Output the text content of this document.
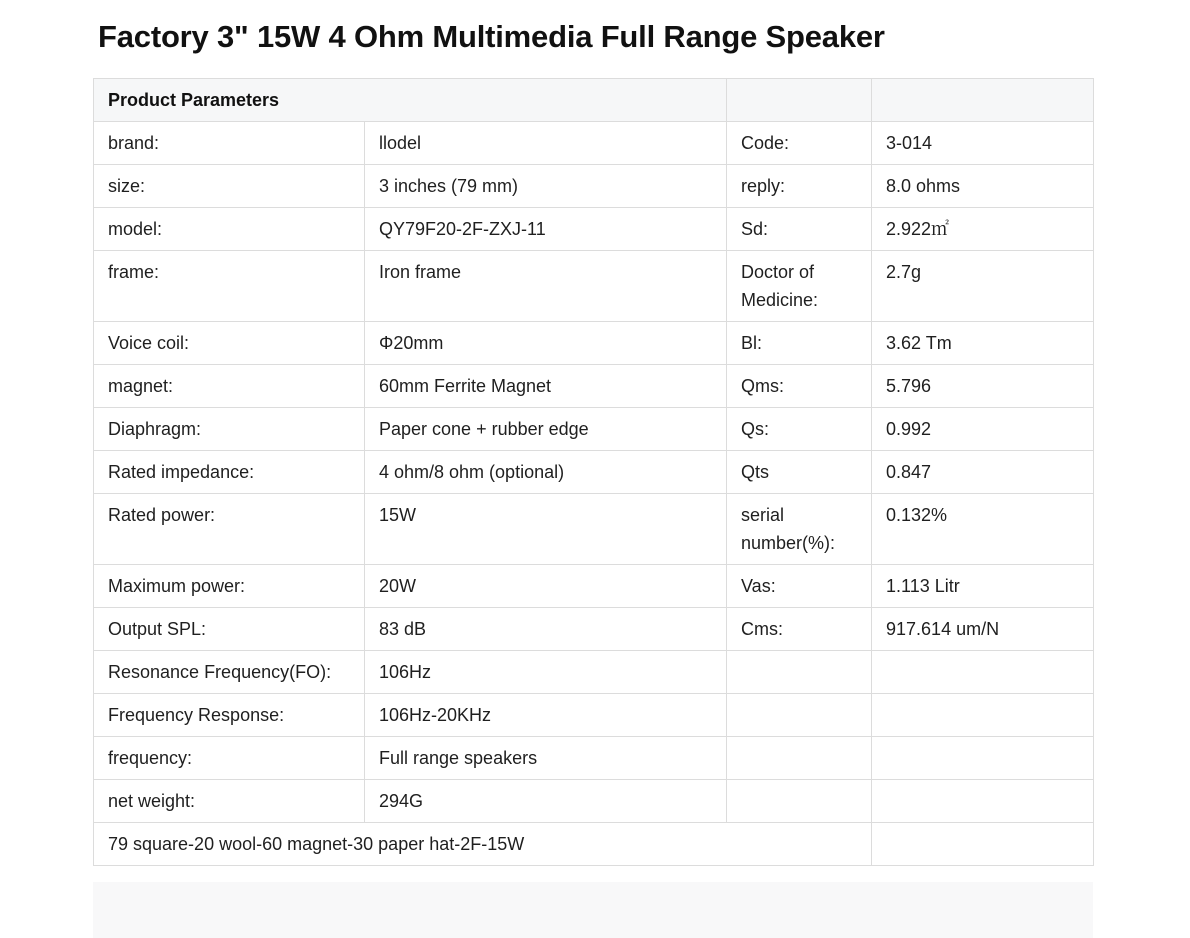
Factory 3" 15W 4 Ohm Multimedia Full Range Speaker
Product Parameters			
brand:	llodel	Code:	3-014
size:	3 inches (79 mm)	reply:	8.0 ohms
model:	QY79F20-2F-ZXJ-11	Sd:	2.922㎡
frame:	Iron frame	Doctor of Medicine:	2.7g
Voice coil:	Φ20mm	Bl:	3.62 Tm
magnet:	60mm Ferrite Magnet	Qms:	5.796
Diaphragm:	Paper cone + rubber edge	Qs:	0.992
Rated impedance:	4 ohm/8 ohm (optional)	Qts	0.847
Rated power:	15W	serial number(%):	0.132%
Maximum power:	20W	Vas:	1.113 Litr
Output SPL:	83 dB	Cms:	917.614 um/N
Resonance Frequency(FO):	106Hz		
Frequency Response:	106Hz-20KHz		
frequency:	Full range speakers		
net weight:	294G		
79 square-20 wool-60 magnet-30 paper hat-2F-15W			
